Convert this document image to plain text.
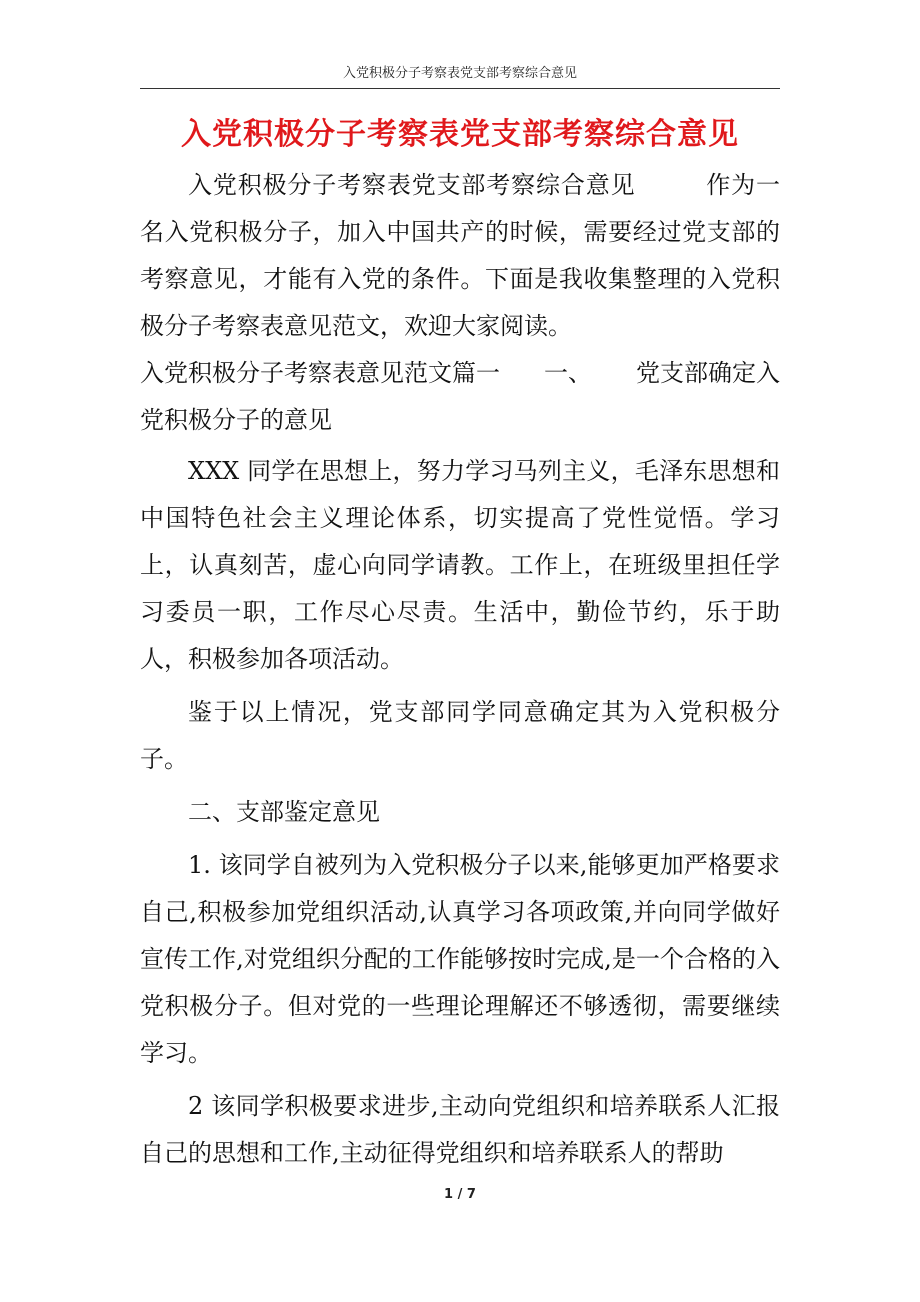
入党积极分子考察表党支部考察综合意见
入党积极分子考察表党支部考察综合意见

入党积极分子考察表党支部考察综合意见	作为一名入党积极分子，加入中国共产的时候，需要经过党支部的考察意见，才能有入党的条件。下面是我收集整理的入党积极分子考察表意见范文，欢迎大家阅读。

入党积极分子考察表意见范文篇一 一、 党支部确定入党积极分子的意见

XXX 同学在思想上，努力学习马列主义，毛泽东思想和中国特色社会主义理论体系，切实提高了党性觉悟。学习上，认真刻苦，虚心向同学请教。工作上，在班级里担任学习委员一职，工作尽心尽责。生活中，勤俭节约，乐于助人，积极参加各项活动。

鉴于以上情况，党支部同学同意确定其为入党积极分子。

二、支部鉴定意见

1. 该同学自被列为入党积极分子以来,能够更加严格要求自己,积极参加党组织活动,认真学习各项政策,并向同学做好宣传工作,对党组织分配的工作能够按时完成,是一个合格的入党积极分子。但对党的一些理论理解还不够透彻，需要继续学习。

2 该同学积极要求进步,主动向党组织和培养联系人汇报自己的思想和工作,主动征得党组织和培养联系人的帮助

1 / 7
